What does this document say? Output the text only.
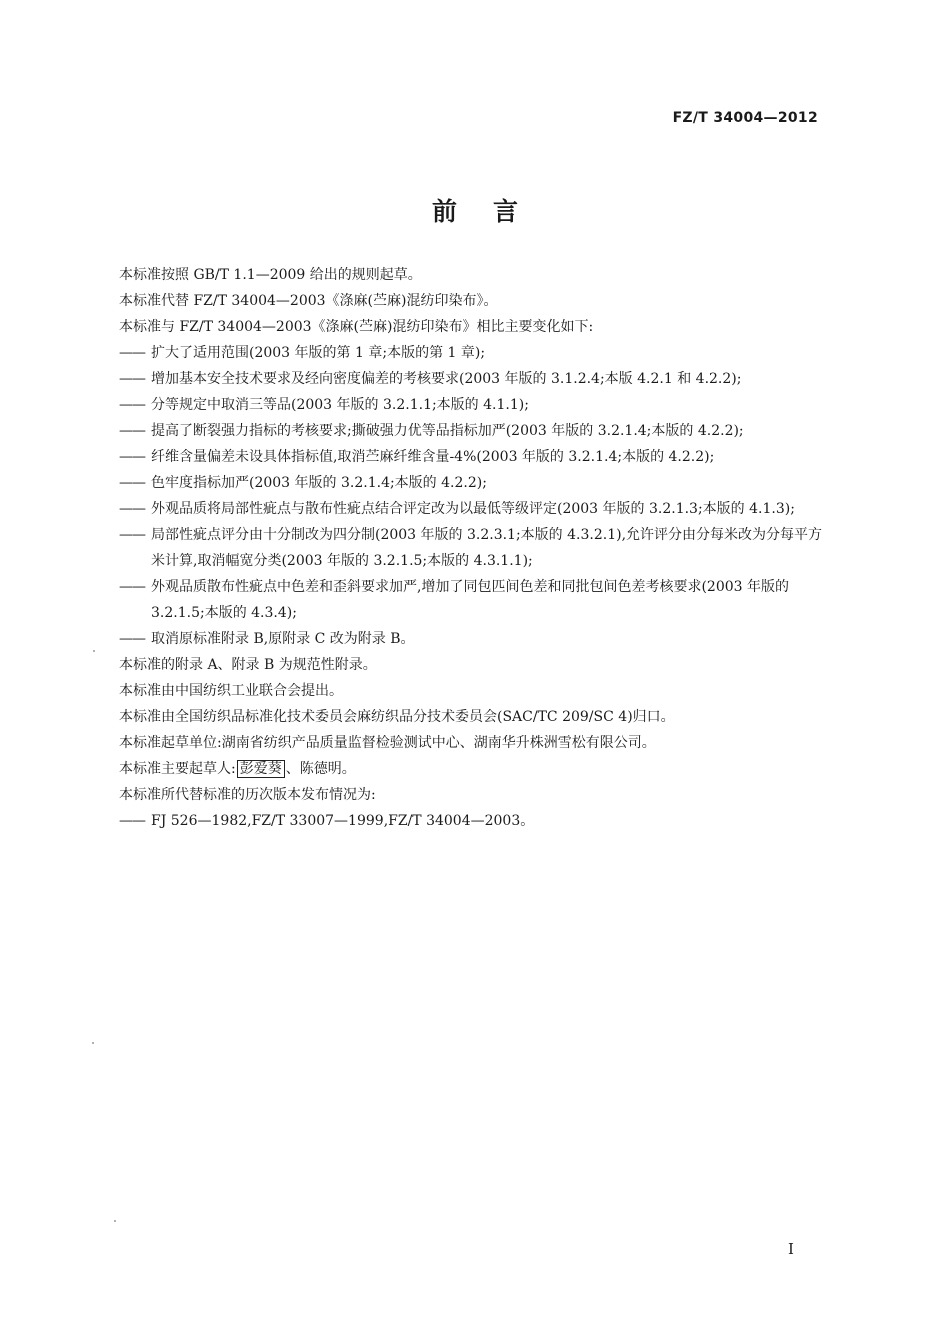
FZ/T 34004—2012
前言

本标准按照 GB/T 1.1—2009 给出的规则起草。

本标准代替 FZ/T 34004—2003《涤麻(苎麻)混纺印染布》。

本标准与 FZ/T 34004—2003《涤麻(苎麻)混纺印染布》相比主要变化如下:

—— 扩大了适用范围(2003 年版的第 1 章;本版的第 1 章);

—— 增加基本安全技术要求及经向密度偏差的考核要求(2003 年版的 3.1.2.4;本版 4.2.1 和 4.2.2);

—— 分等规定中取消三等品(2003 年版的 3.2.1.1;本版的 4.1.1);

—— 提高了断裂强力指标的考核要求;撕破强力优等品指标加严(2003 年版的 3.2.1.4;本版的 4.2.2);

—— 纤维含量偏差未设具体指标值,取消苎麻纤维含量-4%(2003 年版的 3.2.1.4;本版的 4.2.2);

—— 色牢度指标加严(2003 年版的 3.2.1.4;本版的 4.2.2);

—— 外观品质将局部性疵点与散布性疵点结合评定改为以最低等级评定(2003 年版的 3.2.1.3;本版的 4.1.3);

—— 局部性疵点评分由十分制改为四分制(2003 年版的 3.2.3.1;本版的 4.3.2.1),允许评分由分每米改为分每平方米计算,取消幅宽分类(2003 年版的 3.2.1.5;本版的 4.3.1.1);

—— 外观品质散布性疵点中色差和歪斜要求加严,增加了同包匹间色差和同批包间色差考核要求(2003 年版的 3.2.1.5;本版的 4.3.4);

—— 取消原标准附录 B,原附录 C 改为附录 B。

本标准的附录 A、附录 B 为规范性附录。

本标准由中国纺织工业联合会提出。

本标准由全国纺织品标准化技术委员会麻纺织品分技术委员会(SAC/TC 209/SC 4)归口。

本标准起草单位:湖南省纺织产品质量监督检验测试中心、湖南华升株洲雪松有限公司。

本标准主要起草人: 彭爱葵 、陈德明。

本标准所代替标准的历次版本发布情况为:

—— FJ 526—1982,FZ/T 33007—1999,FZ/T 34004—2003。

I
